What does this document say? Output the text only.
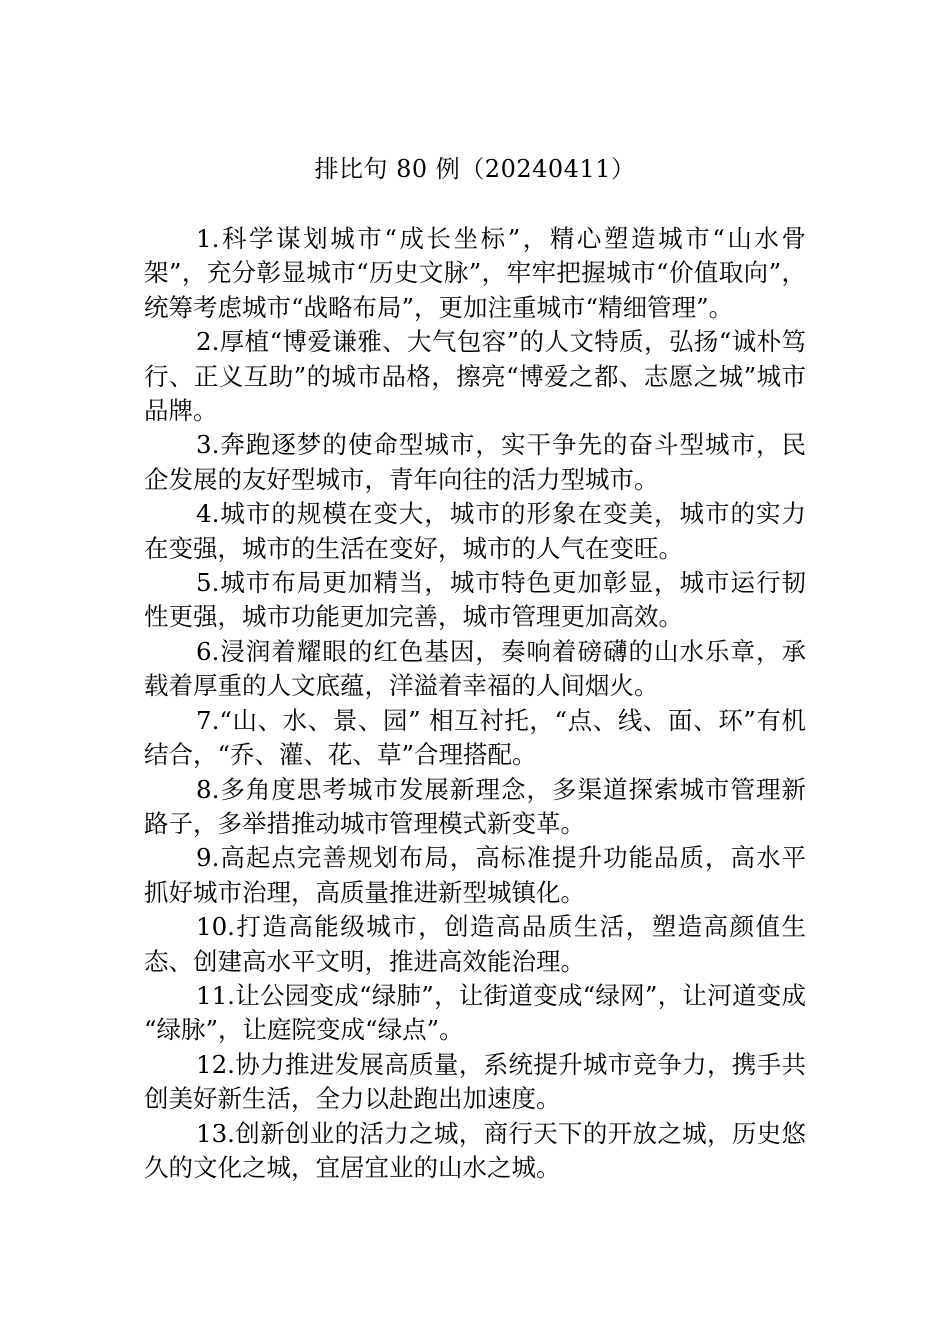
排比句 80 例（20240411）

1.科学谋划城市“成长坐标”，精心塑造城市“山水骨架”，充分彰显城市“历史文脉”，牢牢把握城市“价值取向”，统筹考虑城市“战略布局”，更加注重城市“精细管理”。

2.厚植“博爱谦雅、大气包容”的人文特质，弘扬“诚朴笃行、正义互助”的城市品格，擦亮“博爱之都、志愿之城”城市品牌。

3.奔跑逐梦的使命型城市，实干争先的奋斗型城市，民企发展的友好型城市，青年向往的活力型城市。

4.城市的规模在变大，城市的形象在变美，城市的实力在变强，城市的生活在变好，城市的人气在变旺。

5.城市布局更加精当，城市特色更加彰显，城市运行韧性更强，城市功能更加完善，城市管理更加高效。

6.浸润着耀眼的红色基因，奏响着磅礴的山水乐章，承载着厚重的人文底蕴，洋溢着幸福的人间烟火。

7.“山、水、景、园” 相互衬托，“点、线、面、环”有机结合，“乔、灌、花、草”合理搭配。

8.多角度思考城市发展新理念，多渠道探索城市管理新路子，多举措推动城市管理模式新变革。

9.高起点完善规划布局，高标准提升功能品质，高水平抓好城市治理，高质量推进新型城镇化。

10.打造高能级城市，创造高品质生活，塑造高颜值生态、创建高水平文明，推进高效能治理。

11.让公园变成“绿肺”，让街道变成“绿网”，让河道变成 “绿脉”，让庭院变成“绿点”。

12.协力推进发展高质量，系统提升城市竞争力，携手共创美好新生活，全力以赴跑出加速度。

13.创新创业的活力之城，商行天下的开放之城，历史悠久的文化之城，宜居宜业的山水之城。
